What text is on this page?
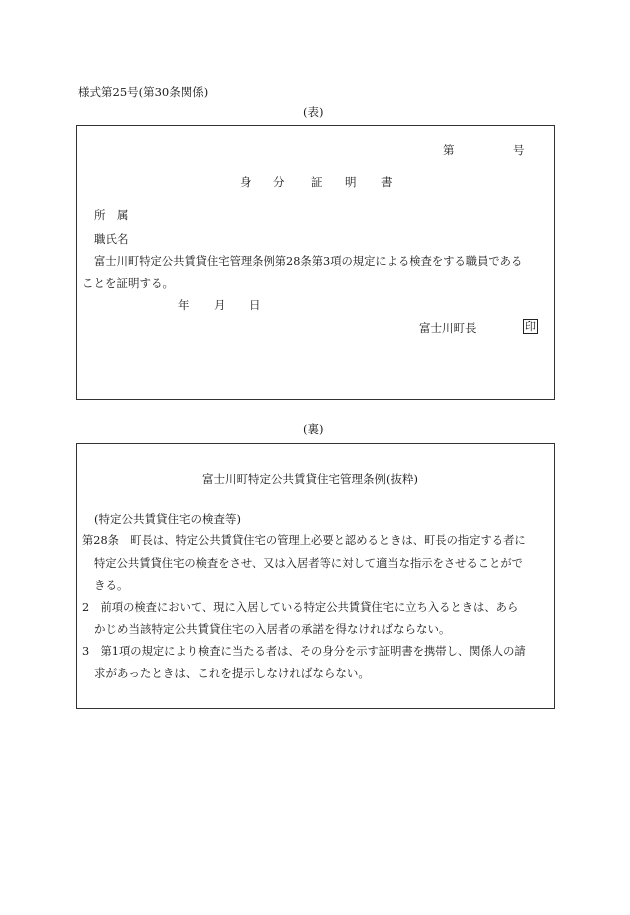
様式第25号(第30条関係)
(表)
第	号
身 分 証 明 書
所　属
職氏名
富士川町特定公共賃貸住宅管理条例第28条第3項の規定による検査をする職員である
ことを証明する。
年 月 日
富士川町長	印
(裏)
富士川町特定公共賃貸住宅管理条例(抜粋)
(特定公共賃貸住宅の検査等)
第28条　町長は、特定公共賃貸住宅の管理上必要と認めるときは、町長の指定する者に
特定公共賃貸住宅の検査をさせ、又は入居者等に対して適当な指示をさせることがで
きる。
2　前項の検査において、現に入居している特定公共賃貸住宅に立ち入るときは、あら
かじめ当該特定公共賃貸住宅の入居者の承諾を得なければならない。
3　第1項の規定により検査に当たる者は、その身分を示す証明書を携帯し、関係人の請
求があったときは、これを提示しなければならない。
